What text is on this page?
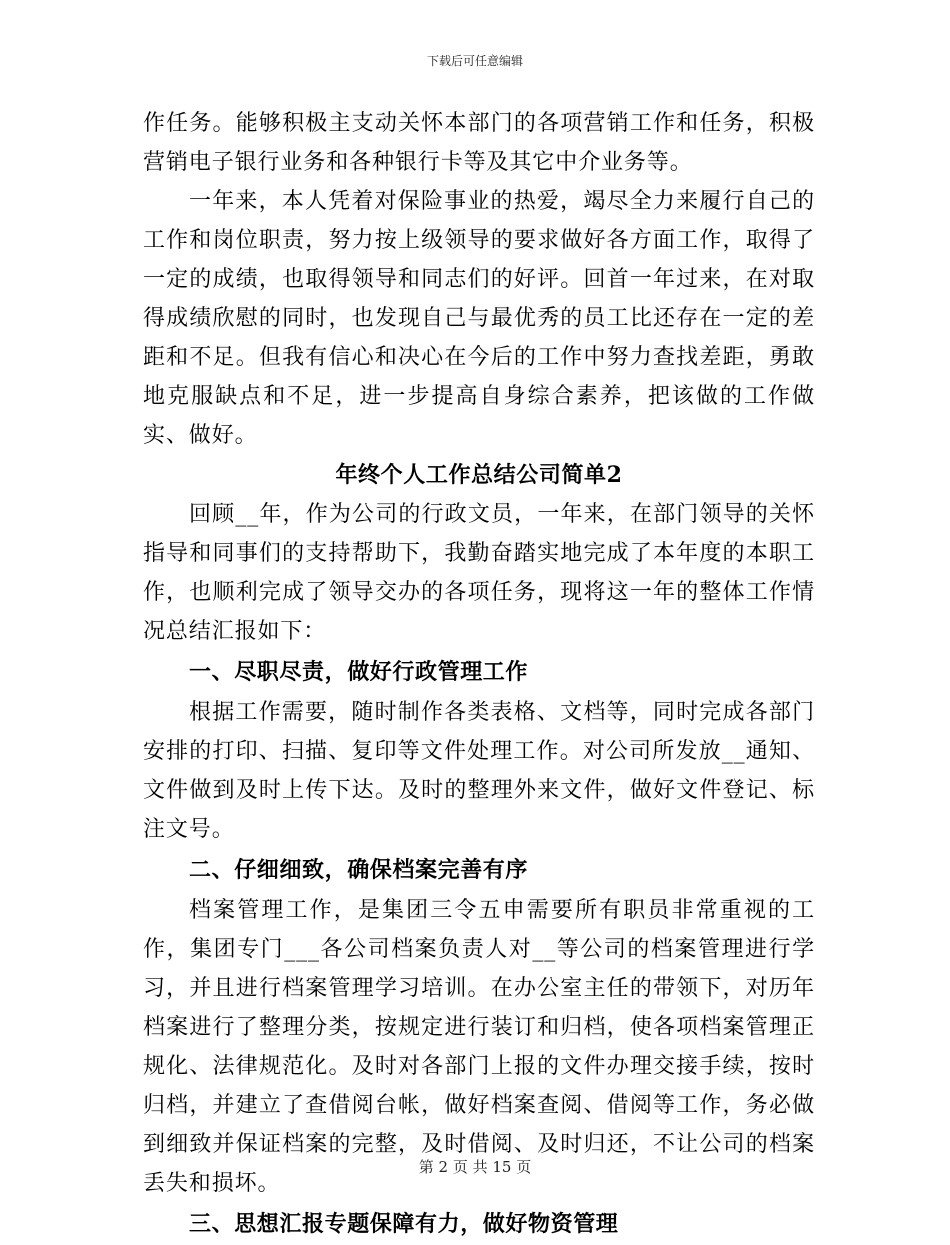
下载后可任意编辑

作任务。能够积极主支动关怀本部门的各项营销工作和任务，积极营销电子银行业务和各种银行卡等及其它中介业务等。

一年来，本人凭着对保险事业的热爱，竭尽全力来履行自己的工作和岗位职责，努力按上级领导的要求做好各方面工作，取得了一定的成绩，也取得领导和同志们的好评。回首一年过来，在对取得成绩欣慰的同时，也发现自己与最优秀的员工比还存在一定的差距和不足。但我有信心和决心在今后的工作中努力查找差距，勇敢地克服缺点和不足，进一步提高自身综合素养，把该做的工作做实、做好。

年终个人工作总结公司简单2

回顾__年，作为公司的行政文员，一年来，在部门领导的关怀指导和同事们的支持帮助下，我勤奋踏实地完成了本年度的本职工作，也顺利完成了领导交办的各项任务，现将这一年的整体工作情况总结汇报如下：

一、尽职尽责，做好行政管理工作

根据工作需要，随时制作各类表格、文档等，同时完成各部门安排的打印、扫描、复印等文件处理工作。对公司所发放__通知、文件做到及时上传下达。及时的整理外来文件，做好文件登记、标注文号。

二、仔细细致，确保档案完善有序

档案管理工作，是集团三令五申需要所有职员非常重视的工作，集团专门___各公司档案负责人对__等公司的档案管理进行学习，并且进行档案管理学习培训。在办公室主任的带领下，对历年档案进行了整理分类，按规定进行装订和归档，使各项档案管理正规化、法律规范化。及时对各部门上报的文件办理交接手续，按时归档，并建立了查借阅台帐，做好档案查阅、借阅等工作，务必做到细致并保证档案的完整，及时借阅、及时归还，不让公司的档案丢失和损坏。

三、思想汇报专题保障有力，做好物资管理

第 2 页 共 15 页
